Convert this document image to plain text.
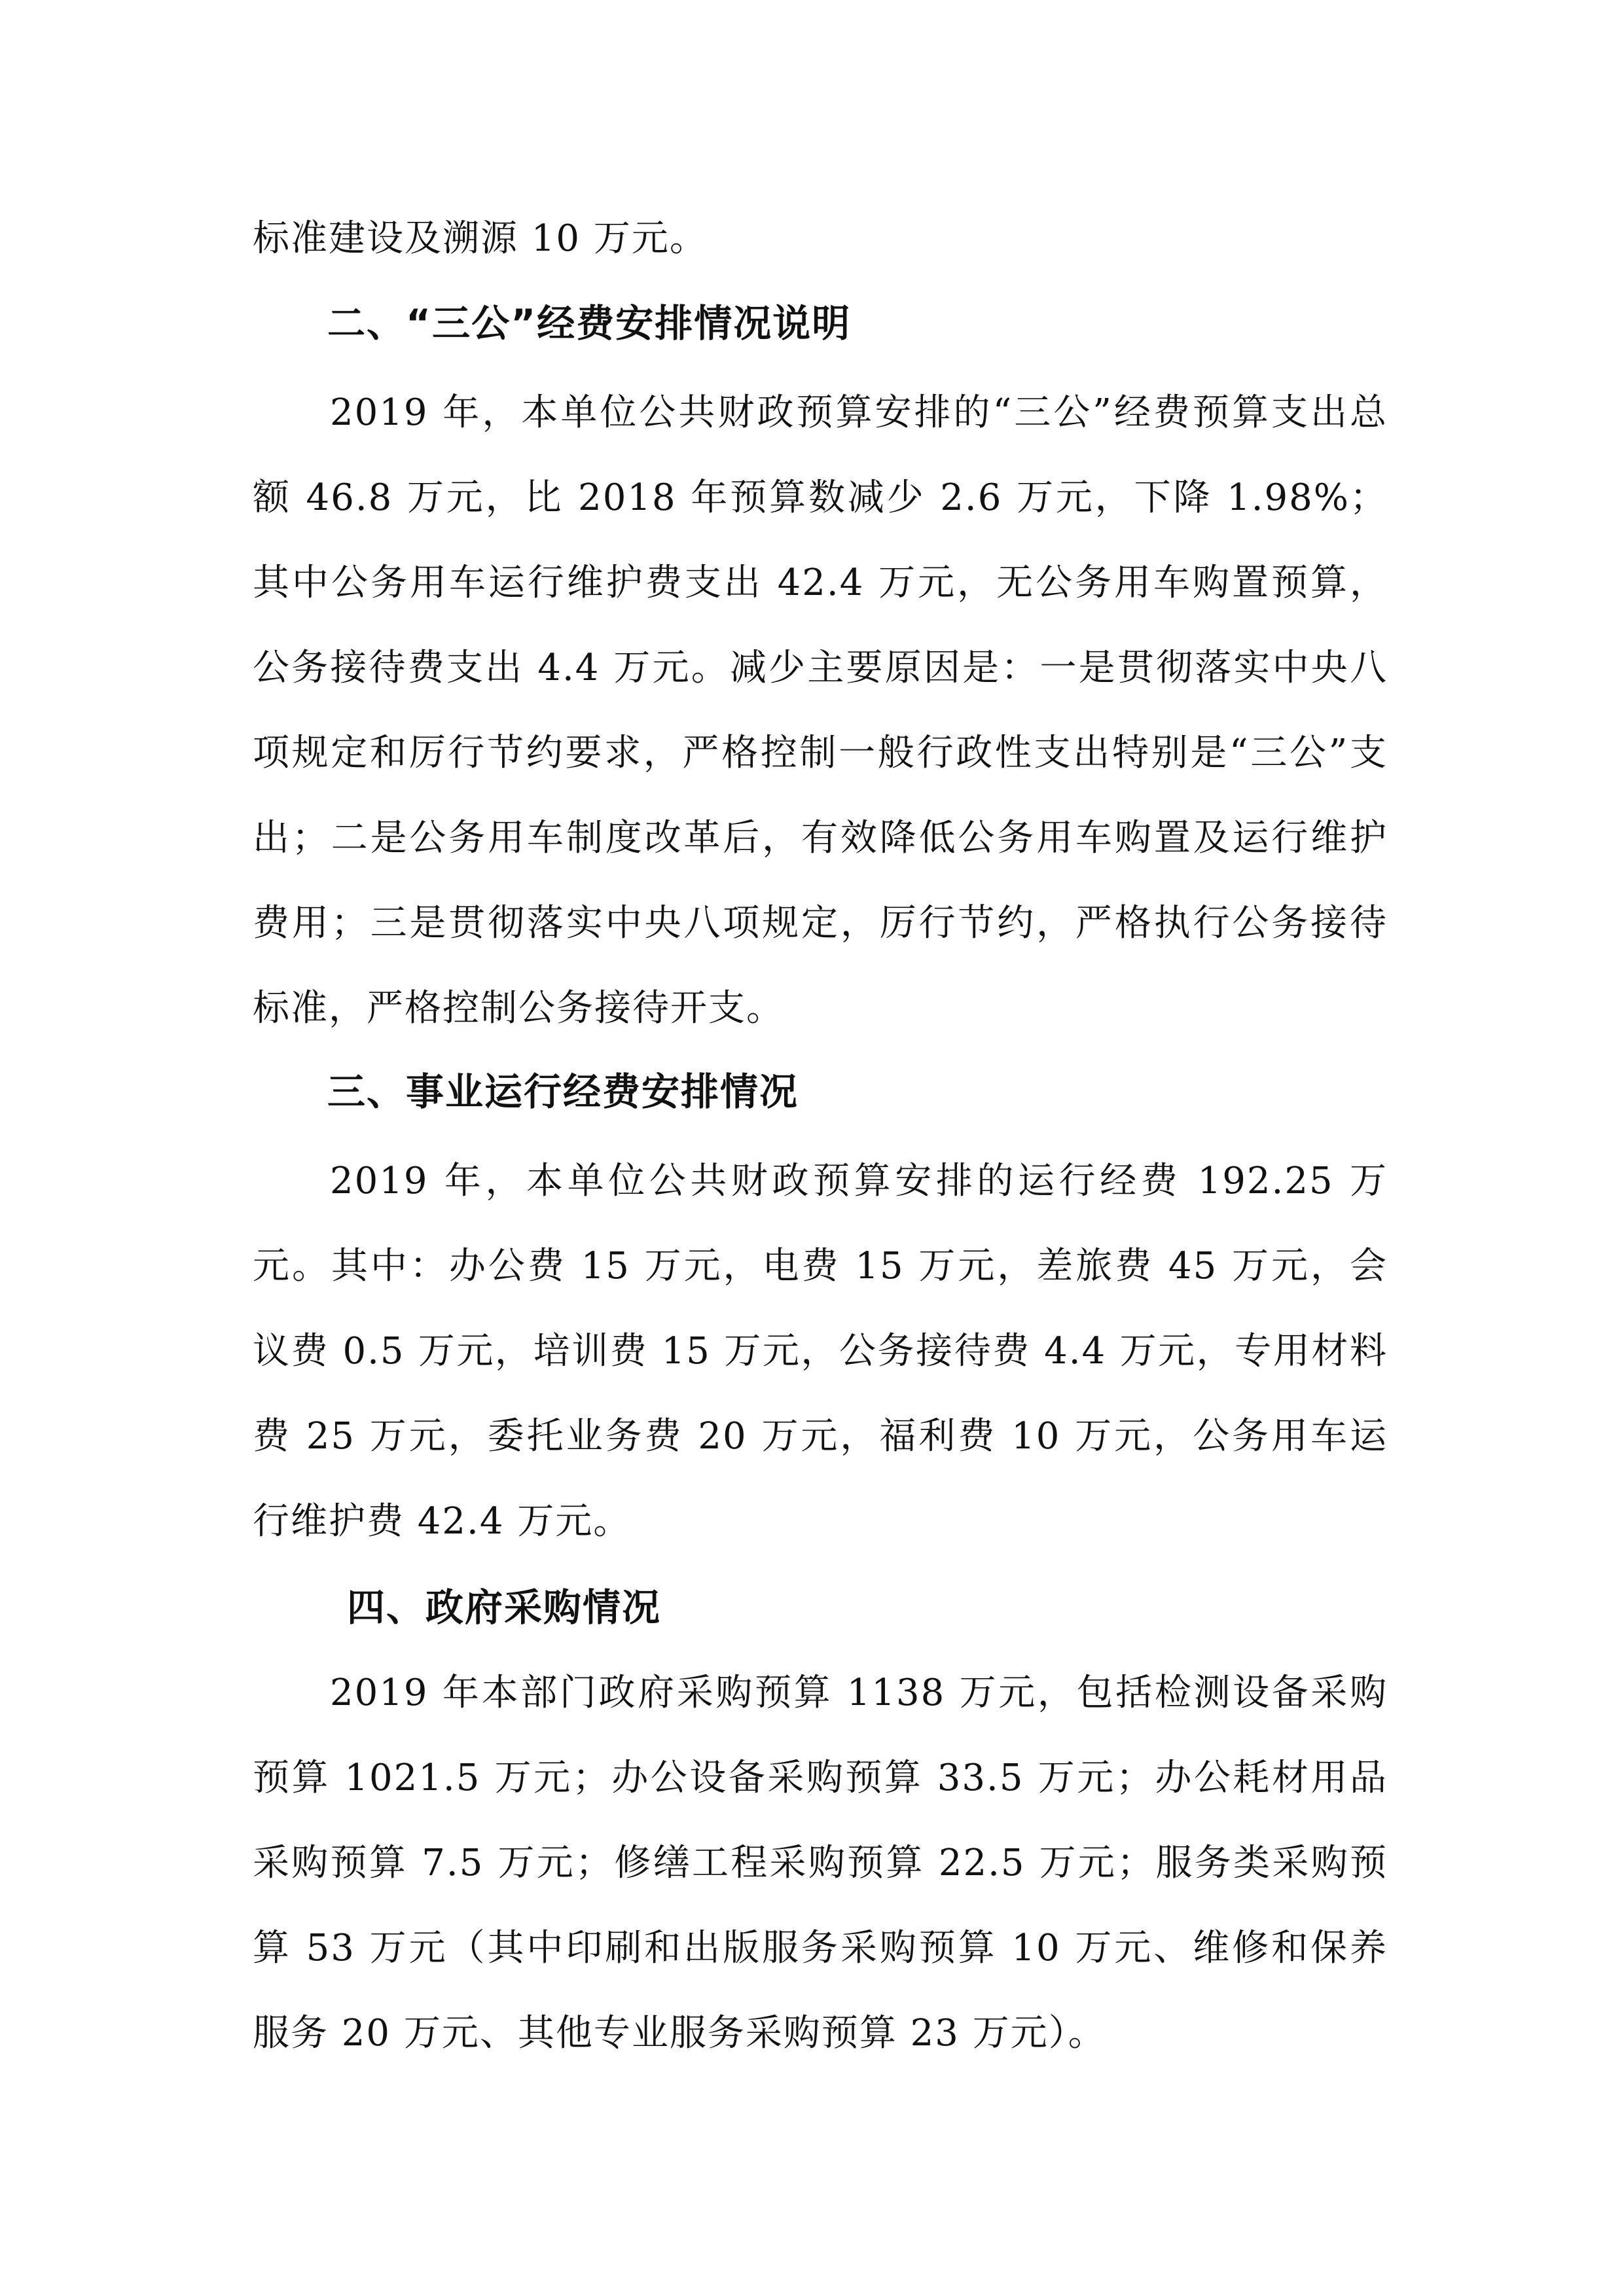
标准建设及溯源 10 万元。

二、“三公”经费安排情况说明

2019 年，本单位公共财政预算安排的“三公”经费预算支出总额 46.8 万元，比 2018 年预算数减少 2.6 万元，下降 1.98%；其中公务用车运行维护费支出 42.4 万元，无公务用车购置预算，公务接待费支出 4.4 万元。减少主要原因是：一是贯彻落实中央八项规定和厉行节约要求，严格控制一般行政性支出特别是“三公”支出；二是公务用车制度改革后，有效降低公务用车购置及运行维护费用；三是贯彻落实中央八项规定，厉行节约，严格执行公务接待标准，严格控制公务接待开支。

三、事业运行经费安排情况

2019 年，本单位公共财政预算安排的运行经费 192.25 万元。其中：办公费 15 万元，电费 15 万元，差旅费 45 万元，会议费 0.5 万元，培训费 15 万元，公务接待费 4.4 万元，专用材料费 25 万元，委托业务费 20 万元，福利费 10 万元，公务用车运行维护费 42.4 万元。

四、政府采购情况

2019 年本部门政府采购预算 1138 万元，包括检测设备采购预算 1021.5 万元；办公设备采购预算 33.5 万元；办公耗材用品采购预算 7.5 万元；修缮工程采购预算 22.5 万元；服务类采购预算 53 万元（其中印刷和出版服务采购预算 10 万元、维修和保养服务 20 万元、其他专业服务采购预算 23 万元）。
